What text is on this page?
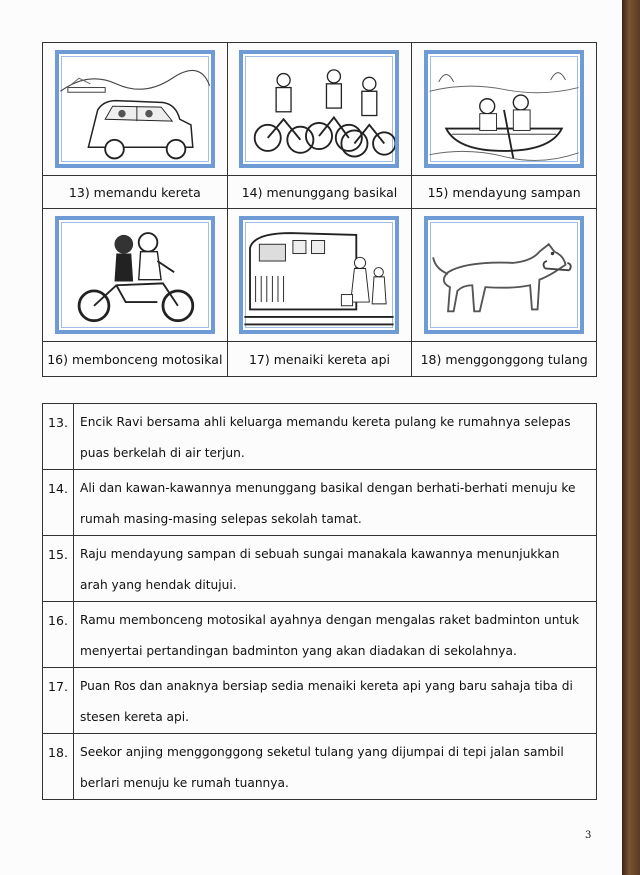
13) memandu kereta	14) menunggang basikal	15) mendayung sampan

16) membonceng motosikal	17) menaiki kereta api	18) menggonggong tulang
13.	Encik Ravi bersama ahli keluarga memandu kereta pulang ke rumahnya selepas puas berkelah di air terjun.
14.	Ali dan kawan-kawannya menunggang basikal dengan berhati-berhati menuju ke rumah masing-masing selepas sekolah tamat.
15.	Raju mendayung sampan di sebuah sungai manakala kawannya menunjukkan arah yang hendak ditujui.
16.	Ramu membonceng motosikal ayahnya dengan mengalas raket badminton untuk menyertai pertandingan badminton yang akan diadakan di sekolahnya.
17.	Puan Ros dan anaknya bersiap sedia menaiki kereta api yang baru sahaja tiba di stesen kereta api.
18.	Seekor anjing menggonggong seketul tulang yang dijumpai di tepi jalan sambil berlari menuju ke rumah tuannya.
3
